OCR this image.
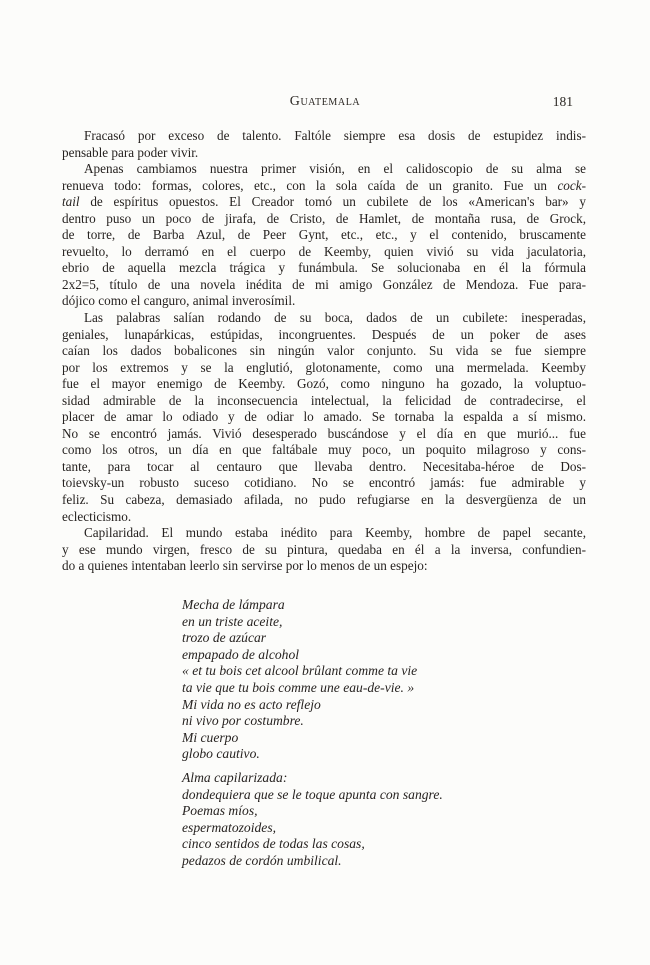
Guatemala	181
Fracasó por exceso de talento. Faltóle siempre esa dosis de estupidez indis-
pensable para poder vivir.
Apenas cambiamos nuestra primer visión, en el calidoscopio de su alma se
renueva todo: formas, colores, etc., con la sola caída de un granito. Fue un cock-
tail de espíritus opuestos. El Creador tomó un cubilete de los «American's bar» y
dentro puso un poco de jirafa, de Cristo, de Hamlet, de montaña rusa, de Grock,
de torre, de Barba Azul, de Peer Gynt, etc., etc., y el contenido, bruscamente
revuelto, lo derramó en el cuerpo de Keemby, quien vivió su vida jaculatoria,
ebrio de aquella mezcla trágica y funámbula. Se solucionaba en él la fórmula
2x2=5, título de una novela inédita de mi amigo González de Mendoza. Fue para-
dójico como el canguro, animal inverosímil.
Las palabras salían rodando de su boca, dados de un cubilete: inesperadas,
geniales, lunapárkicas, estúpidas, incongruentes. Después de un poker de ases
caían los dados bobalicones sin ningún valor conjunto. Su vida se fue siempre
por los extremos y se la englutió, glotonamente, como una mermelada. Keemby
fue el mayor enemigo de Keemby. Gozó, como ninguno ha gozado, la voluptuo-
sidad admirable de la inconsecuencia intelectual, la felicidad de contradecirse, el
placer de amar lo odiado y de odiar lo amado. Se tornaba la espalda a sí mismo.
No se encontró jamás. Vivió desesperado buscándose y el día en que murió... fue
como los otros, un día en que faltábale muy poco, un poquito milagroso y cons-
tante, para tocar al centauro que llevaba dentro. Necesitaba-héroe de Dos-
toievsky-un robusto suceso cotidiano. No se encontró jamás: fue admirable y
feliz. Su cabeza, demasiado afilada, no pudo refugiarse en la desvergüenza de un
eclecticismo.
Capilaridad. El mundo estaba inédito para Keemby, hombre de papel secante,
y ese mundo virgen, fresco de su pintura, quedaba en él a la inversa, confundien-
do a quienes intentaban leerlo sin servirse por lo menos de un espejo:
Mecha de lámpara
en un triste aceite,
trozo de azúcar
empapado de alcohol
« et tu bois cet alcool brûlant comme ta vie
ta vie que tu bois comme une eau-de-vie. »
Mi vida no es acto reflejo
ni vivo por costumbre.
Mi cuerpo
globo cautivo.
Alma capilarizada:
dondequiera que se le toque apunta con sangre.
Poemas míos,
espermatozoides,
cinco sentidos de todas las cosas,
pedazos de cordón umbilical.
